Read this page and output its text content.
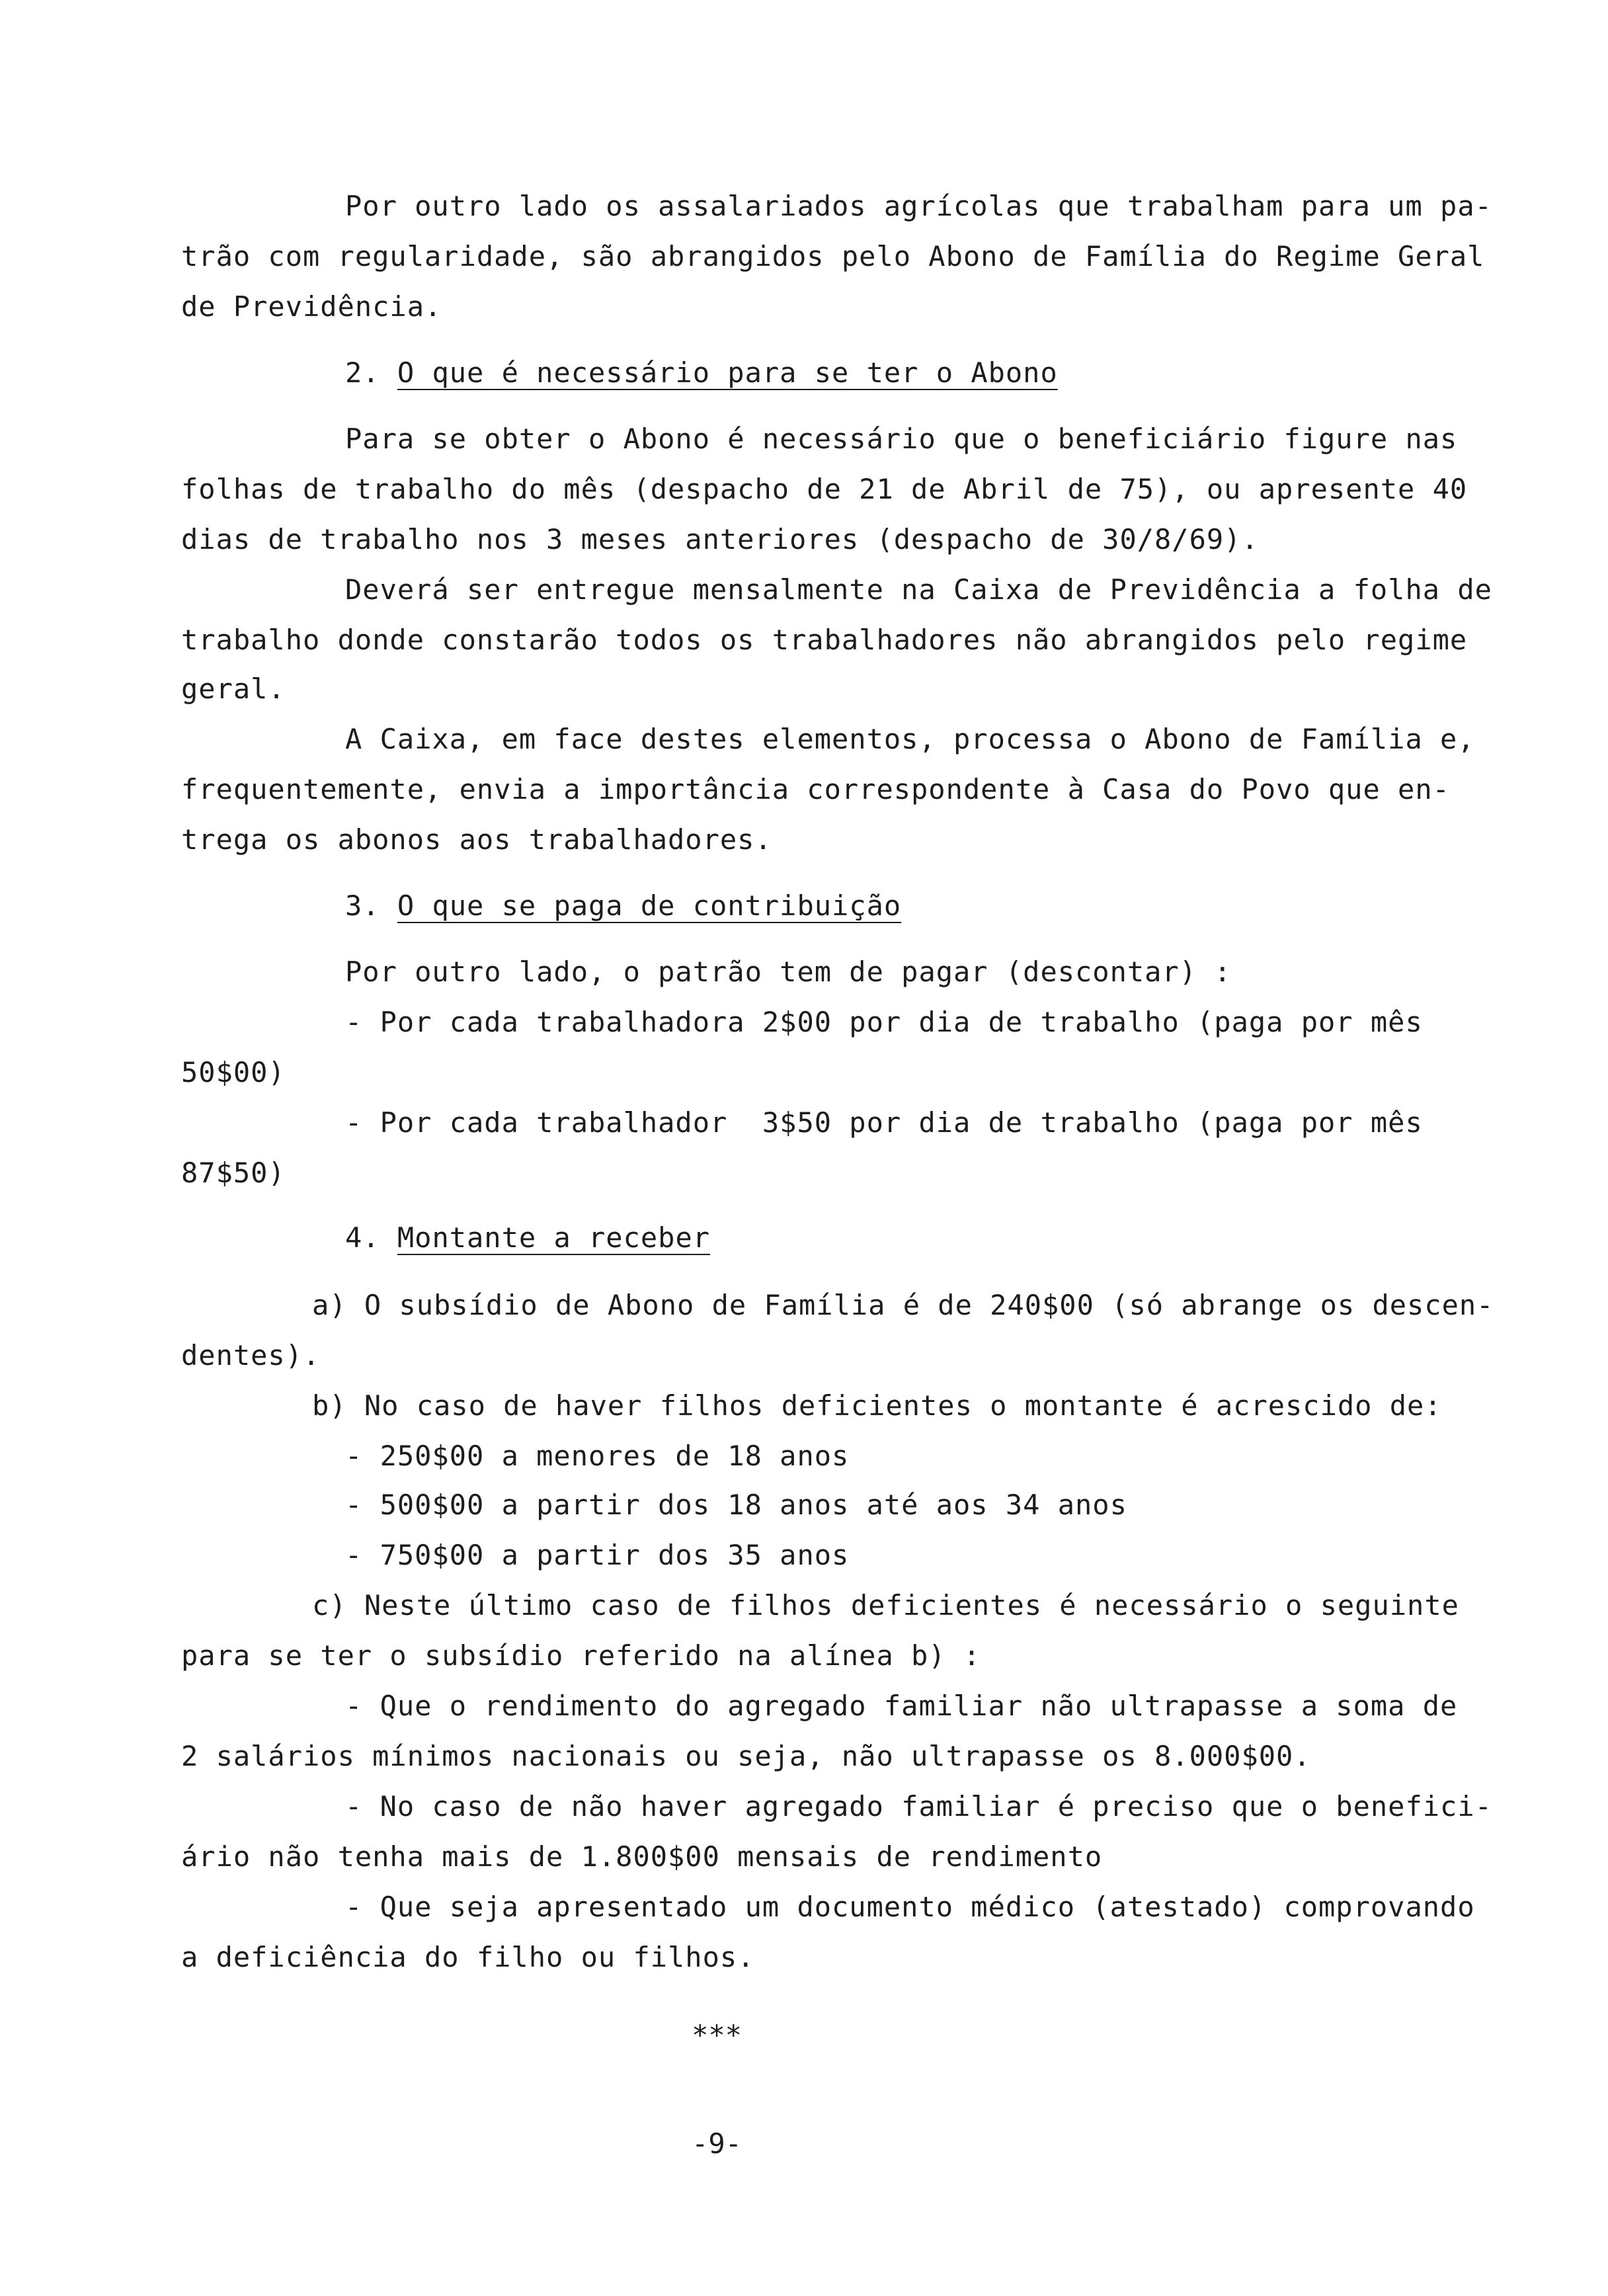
Por outro lado os assalariados agrícolas que trabalham para um pa-
trão com regularidade, são abrangidos pelo Abono de Família do Regime Geral
de Previdência.
2. O que é necessário para se ter o Abono
Para se obter o Abono é necessário que o beneficiário figure nas
folhas de trabalho do mês (despacho de 21 de Abril de 75), ou apresente 40
dias de trabalho nos 3 meses anteriores (despacho de 30/8/69).
Deverá ser entregue mensalmente na Caixa de Previdência a folha de
trabalho donde constarão todos os trabalhadores não abrangidos pelo regime
geral.
A Caixa, em face destes elementos, processa o Abono de Família e,
frequentemente, envia a importância correspondente à Casa do Povo que en-
trega os abonos aos trabalhadores.
3. O que se paga de contribuição
Por outro lado, o patrão tem de pagar (descontar) :
- Por cada trabalhadora 2$00 por dia de trabalho (paga por mês
50$00)
- Por cada trabalhador  3$50 por dia de trabalho (paga por mês
87$50)
4. Montante a receber
a) O subsídio de Abono de Família é de 240$00 (só abrange os descen-
dentes).
b) No caso de haver filhos deficientes o montante é acrescido de:
- 250$00 a menores de 18 anos
- 500$00 a partir dos 18 anos até aos 34 anos
- 750$00 a partir dos 35 anos
c) Neste último caso de filhos deficientes é necessário o seguinte
para se ter o subsídio referido na alínea b) :
- Que o rendimento do agregado familiar não ultrapasse a soma de
2 salários mínimos nacionais ou seja, não ultrapasse os 8.000$00.
- No caso de não haver agregado familiar é preciso que o benefici-
ário não tenha mais de 1.800$00 mensais de rendimento
- Que seja apresentado um documento médico (atestado) comprovando
a deficiência do filho ou filhos.
***
-9-
